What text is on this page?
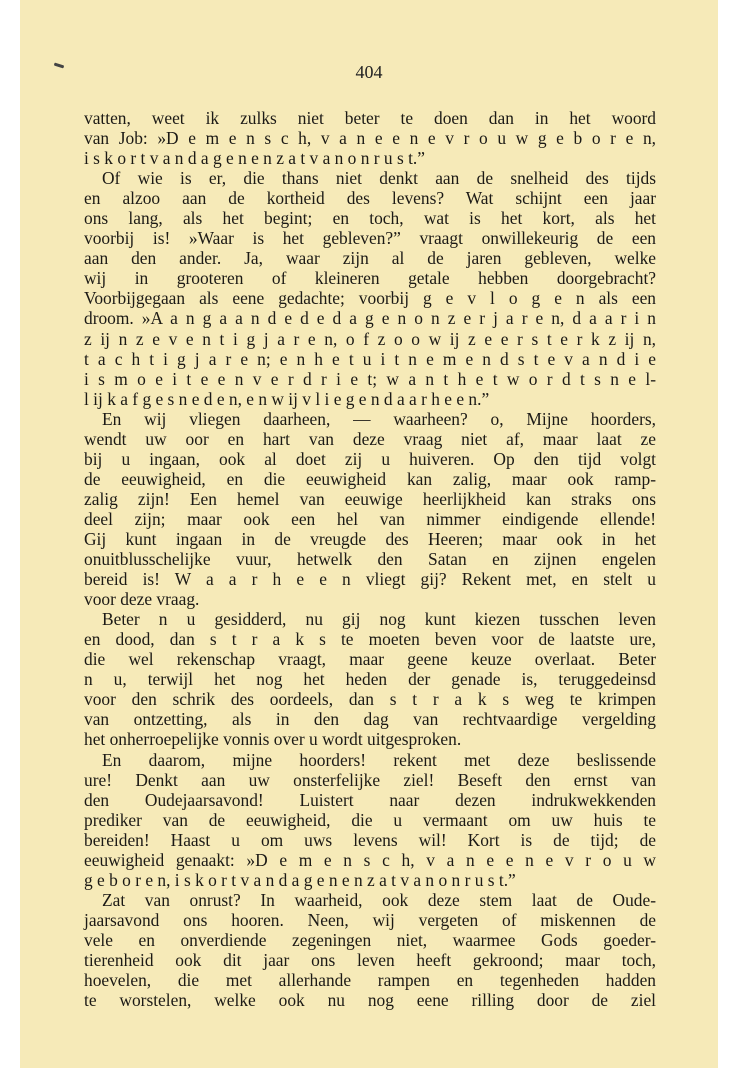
404
vatten, weet ik zulks niet beter te doen dan in het woord
van Job: »D e m e n s c h, v a n e e n e v r o u w g e b o r e n,
i s k o r t v a n d a g e n e n z a t v a n o n r u s t.”
Of wie is er, die thans niet denkt aan de snelheid des tijds
en alzoo aan de kortheid des levens? Wat schijnt een jaar
ons lang, als het begint; en toch, wat is het kort, als het
voorbij is! »Waar is het gebleven?” vraagt onwillekeurig de een
aan den ander. Ja, waar zijn al de jaren gebleven, welke
wij in grooteren of kleineren getale hebben doorgebracht?
Voorbijgegaan als eene gedachte; voorbij g e v l o g e n als een
droom. »A a n g a a n d e d e d a g e n o n z e r j a r e n, d a a r i n
z ij n z e v e n t i g j a r e n, o f z o o w ij z e e r s t e r k z ij n,
t a c h t i g j a r e n; e n h e t u i t n e m e n d s t e v a n d i e
i s m o e i t e e n v e r d r i e t; w a n t h e t w o r d t s n e l-
l ij k a f g e s n e d e n, e n w ij v l i e g e n d a a r h e e n.”
En wij vliegen daarheen, — waarheen? o, Mijne hoorders,
wendt uw oor en hart van deze vraag niet af, maar laat ze
bij u ingaan, ook al doet zij u huiveren. Op den tijd volgt
de eeuwigheid, en die eeuwigheid kan zalig, maar ook ramp-
zalig zijn! Een hemel van eeuwige heerlijkheid kan straks ons
deel zijn; maar ook een hel van nimmer eindigende ellende!
Gij kunt ingaan in de vreugde des Heeren; maar ook in het
onuitblusschelijke vuur, hetwelk den Satan en zijnen engelen
bereid is! W a a r h e e n vliegt gij? Rekent met, en stelt u
voor deze vraag.
Beter n u gesidderd, nu gij nog kunt kiezen tusschen leven
en dood, dan s t r a k s te moeten beven voor de laatste ure,
die wel rekenschap vraagt, maar geene keuze overlaat. Beter
n u, terwijl het nog het heden der genade is, teruggedeinsd
voor den schrik des oordeels, dan s t r a k s weg te krimpen
van ontzetting, als in den dag van rechtvaardige vergelding
het onherroepelijke vonnis over u wordt uitgesproken.
En daarom, mijne hoorders! rekent met deze beslissende
ure! Denkt aan uw onsterfelijke ziel! Beseft den ernst van
den Oudejaarsavond! Luistert naar dezen indrukwekkenden
prediker van de eeuwigheid, die u vermaant om uw huis te
bereiden! Haast u om uws levens wil! Kort is de tijd; de
eeuwigheid genaakt: »D e m e n s c h, v a n e e n e v r o u w
g e b o r e n, i s k o r t v a n d a g e n e n z a t v a n o n r u s t.”
Zat van onrust? In waarheid, ook deze stem laat de Oude-
jaarsavond ons hooren. Neen, wij vergeten of miskennen de
vele en onverdiende zegeningen niet, waarmee Gods goeder-
tierenheid ook dit jaar ons leven heeft gekroond; maar toch,
hoevelen, die met allerhande rampen en tegenheden hadden
te worstelen, welke ook nu nog eene rilling door de ziel
